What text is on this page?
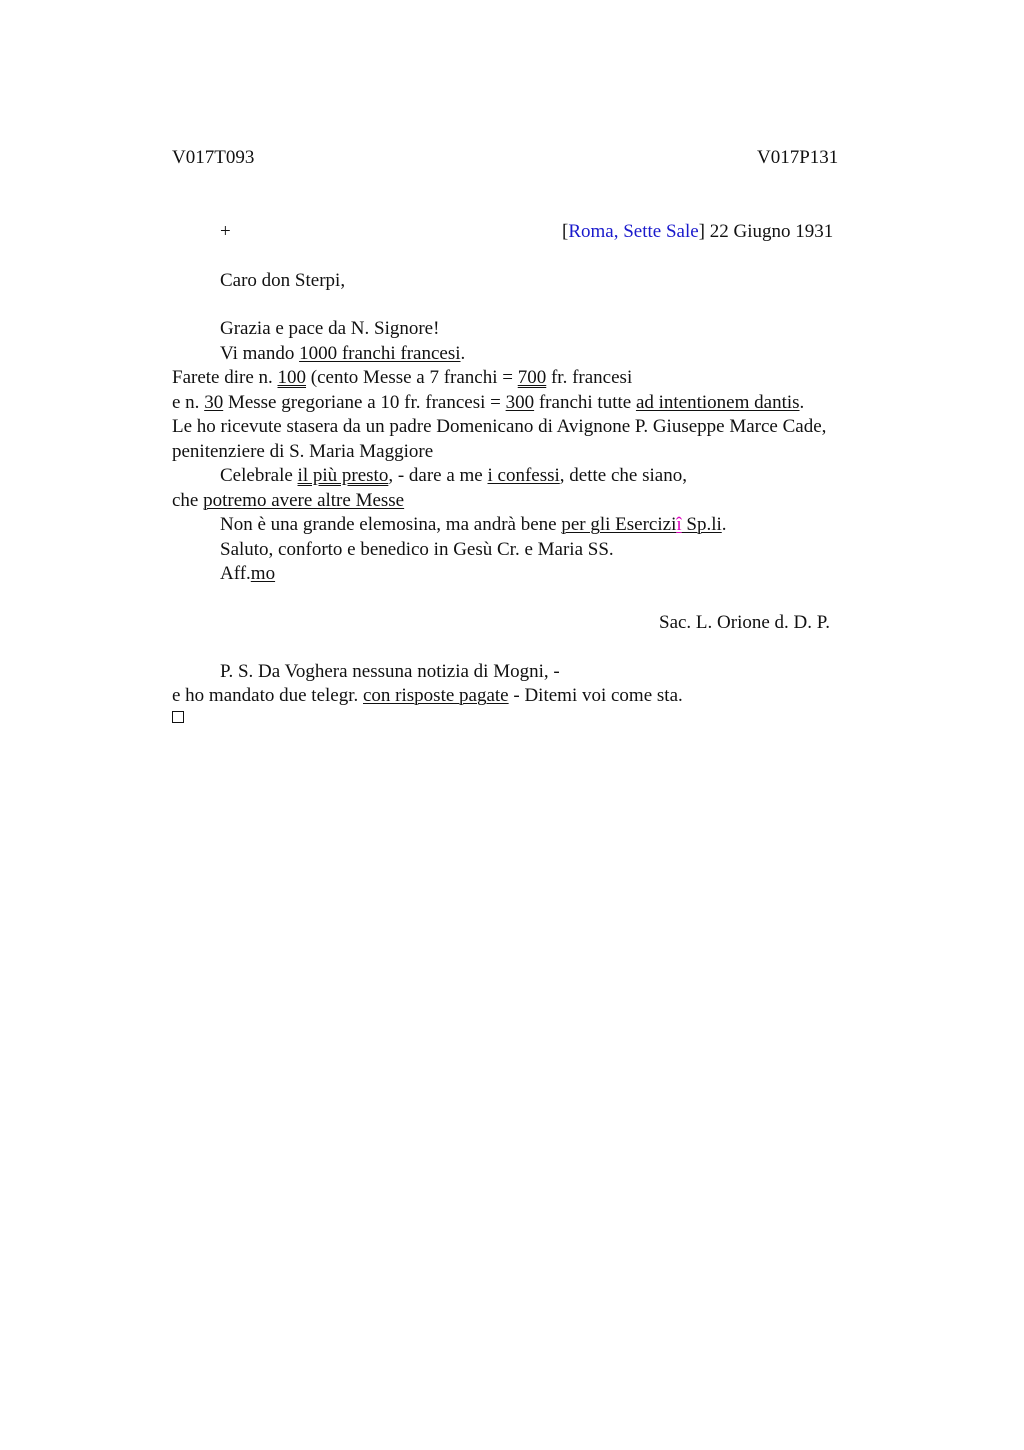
V017T093	V017P131
+	[Roma, Sette Sale] 22 Giugno 1931
Caro don Sterpi,
Grazia e pace da N. Signore!
Vi mando 1000 franchi francesi.
Farete dire n. 100 (cento Messe a 7 franchi = 700 fr. francesi
e n. 30 Messe gregoriane a 10 fr. francesi = 300 franchi tutte ad intentionem dantis.
Le ho ricevute stasera da un padre Domenicano di Avignone P. Giuseppe Marce Cade,
penitenziere di S. Maria Maggiore
Celebrale il più presto, - dare a me i confessi, dette che siano,
che potremo avere altre Messe
Non è una grande elemosina, ma andrà bene per gli Eserciziî Sp.li.
Saluto, conforto e benedico in Gesù Cr. e Maria SS.
Aff.mo
Sac. L. Orione d. D. P.
P. S. Da Voghera nessuna notizia di Mogni, -
e ho mandato due telegr. con risposte pagate - Ditemi voi come sta.
